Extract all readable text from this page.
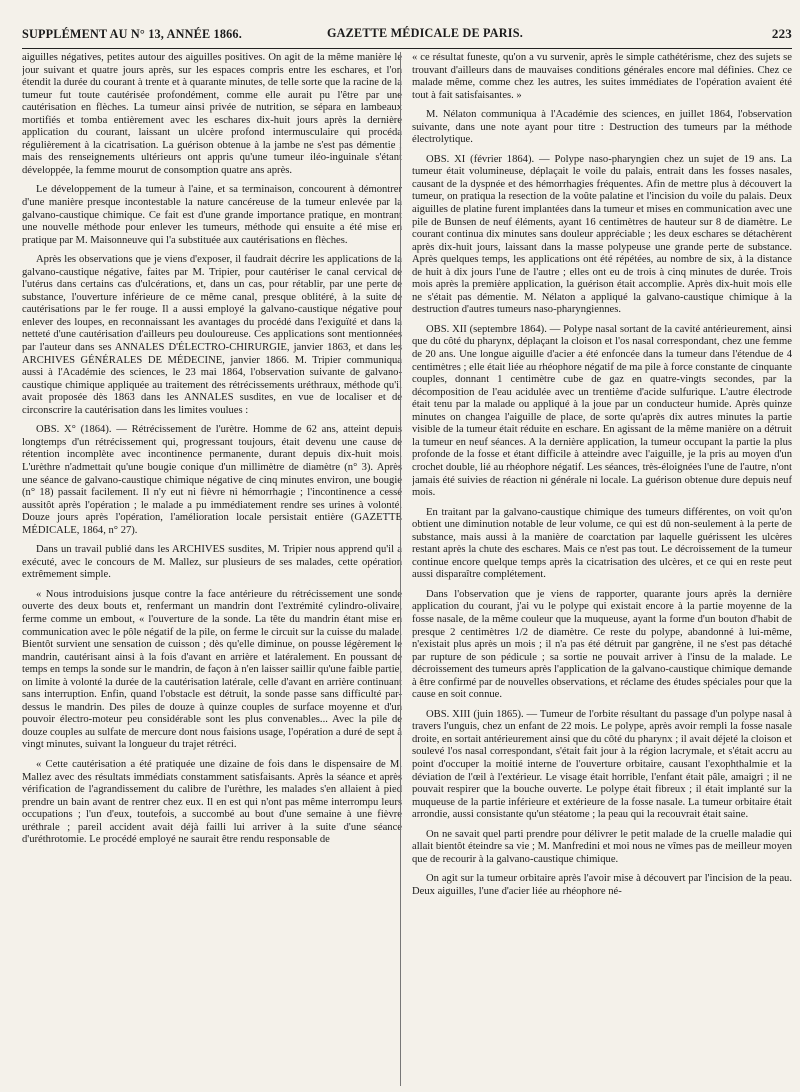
SUPPLÉMENT AU N° 13, ANNÉE 1866.	GAZETTE MÉDICALE DE PARIS.	223

aiguilles négatives, petites autour des aiguilles positives. On agit de la même manière le jour suivant et quatre jours après, sur les espaces compris entre les eschares, et l'on étendit la durée du courant à trente et à quarante minutes, de telle sorte que la racine de la tumeur fut toute cautérisée profondément, comme elle aurait pu l'être par une cautérisation en flèches. La tumeur ainsi privée de nutrition, se sépara en lambeaux mortifiés et tomba entièrement avec les eschares dix-huit jours après la dernière application du courant, laissant un ulcère profond intermusculaire qui procéda régulièrement à la cicatrisation. La guérison obtenue à la jambe ne s'est pas démentie ; mais des renseignements ultérieurs ont appris qu'une tumeur iléo-inguinale s'étant développée, la femme mourut de consomption quatre ans après.

Le développement de la tumeur à l'aine, et sa terminaison, concourent à démontrer d'une manière presque incontestable la nature cancéreuse de la tumeur enlevée par la galvano-caustique chimique. Ce fait est d'une grande importance pratique, en montrant une nouvelle méthode pour enlever les tumeurs, méthode qui ensuite a été mise en pratique par M. Maisonneuve qui l'a substituée aux cautérisations en flèches.

Après les observations que je viens d'exposer, il faudrait décrire les applications de la galvano-caustique négative, faites par M. Tripier, pour cautériser le canal cervical de l'utérus dans certains cas d'ulcérations, et, dans un cas, pour rétablir, par une perte de substance, l'ouverture inférieure de ce même canal, presque oblitéré, à la suite de cautérisations par le fer rouge. Il a aussi employé la galvano-caustique négative pour enlever des loupes, en reconnaissant les avantages du procédé dans l'exiguïté et dans la netteté d'une cautérisation d'ailleurs peu douloureuse. Ces applications sont mentionnées par l'auteur dans ses ANNALES D'ÉLECTRO-CHIRURGIE, janvier 1863, et dans les ARCHIVES GÉNÉRALES DE MÉDECINE, janvier 1866. M. Tripier communiqua aussi à l'Académie des sciences, le 23 mai 1864, l'observation suivante de galvano-caustique chimique appliquée au traitement des rétrécissements uréthraux, méthode qu'il avait proposée dès 1863 dans les ANNALES susdites, en vue de localiser et de circonscrire la cautérisation dans les limites voulues :

OBS. X° (1864). — Rétrécissement de l'urètre. Homme de 62 ans, atteint depuis longtemps d'un rétrécissement qui, progressant toujours, était devenu une cause de rétention incomplète avec incontinence permanente, durant depuis dix-huit mois. L'urèthre n'admettait qu'une bougie conique d'un millimètre de diamètre (n° 3). Après une séance de galvano-caustique chimique négative de cinq minutes environ, une bougie (n° 18) passait facilement. Il n'y eut ni fièvre ni hémorrhagie ; l'incontinence a cessé aussitôt après l'opération ; le malade a pu immédiatement rendre ses urines à volonté. Douze jours après l'opération, l'amélioration locale persistait entière (GAZETTE MÉDICALE, 1864, n° 27).

Dans un travail publié dans les ARCHIVES susdites, M. Tripier nous apprend qu'il a exécuté, avec le concours de M. Mallez, sur plusieurs de ses malades, cette opération extrêmement simple.

« Nous introduisions jusque contre la face antérieure du rétrécissement une sonde ouverte des deux bouts et, renfermant un mandrin dont l'extrémité cylindro-olivaire, ferme comme un embout, « l'ouverture de la sonde. La tête du mandrin étant mise en communication avec le pôle négatif de la pile, on ferme le circuit sur la cuisse du malade. Bientôt survient une sensation de cuisson ; dès qu'elle diminue, on pousse légèrement le mandrin, cautérisant ainsi à la fois d'avant en arrière et latéralement. En poussant de temps en temps la sonde sur le mandrin, de façon à n'en laisser saillir qu'une faible partie, on limite à volonté la durée de la cautérisation latérale, celle d'avant en arrière continuant sans interruption. Enfin, quand l'obstacle est détruit, la sonde passe sans difficulté par-dessus le mandrin. Des piles de douze à quinze couples de surface moyenne et d'un pouvoir électro-moteur peu considérable sont les plus convenables... Avec la pile de douze couples au sulfate de mercure dont nous faisions usage, l'opération a duré de sept à vingt minutes, suivant la longueur du trajet rétréci.

« Cette cautérisation a été pratiquée une dizaine de fois dans le dispensaire de M. Mallez avec des résultats immédiats constamment satisfaisants. Après la séance et après vérification de l'agrandissement du calibre de l'urèthre, les malades s'en allaient à pied prendre un bain avant de rentrer chez eux. Il en est qui n'ont pas même interrompu leurs occupations ; l'un d'eux, toutefois, a succombé au bout d'une semaine à une fièvre uréthrale ; pareil accident avait déjà failli lui arriver à la suite d'une séance d'uréthrotomie. Le procédé employé ne saurait être rendu responsable de

« ce résultat funeste, qu'on a vu survenir, après le simple cathétérisme, chez des sujets se trouvant d'ailleurs dans de mauvaises conditions générales encore mal définies. Chez ce malade même, comme chez les autres, les suites immédiates de l'opération avaient été tout à fait satisfaisantes. »

M. Nélaton communiqua à l'Académie des sciences, en juillet 1864, l'observation suivante, dans une note ayant pour titre : Destruction des tumeurs par la méthode électrolytique.

OBS. XI (février 1864). — Polype naso-pharyngien chez un sujet de 19 ans. La tumeur était volumineuse, déplaçait le voile du palais, entrait dans les fosses nasales, causant de la dyspnée et des hémorrhagies fréquentes. Afin de mettre plus à découvert la tumeur, on pratiqua la resection de la voûte palatine et l'incision du voile du palais. Deux aiguilles de platine furent implantées dans la tumeur et mises en communication avec une pile de Bunsen de neuf éléments, ayant 16 centimètres de hauteur sur 8 de diamètre. Le courant continua dix minutes sans douleur appréciable ; les deux eschares se détachèrent après dix-huit jours, laissant dans la masse polypeuse une grande perte de substance. Après quelques temps, les applications ont été répétées, au nombre de six, à la distance de huit à dix jours l'une de l'autre ; elles ont eu de trois à cinq minutes de durée. Trois mois après la première application, la guérison était accomplie. Après dix-huit mois elle ne s'était pas démentie. M. Nélaton a appliqué la galvano-caustique chimique à la destruction d'autres tumeurs naso-pharyngiennes.

OBS. XII (septembre 1864). — Polype nasal sortant de la cavité antérieurement, ainsi que du côté du pharynx, déplaçant la cloison et l'os nasal correspondant, chez une femme de 20 ans. Une longue aiguille d'acier a été enfoncée dans la tumeur dans l'étendue de 4 centimètres ; elle était liée au rhéophore négatif de ma pile à force constante de cinquante couples, donnant 1 centimètre cube de gaz en quatre-vingts secondes, par la décomposition de l'eau acidulée avec un trentième d'acide sulfurique. L'autre électrode était tenu par la malade ou appliqué à la joue par un conducteur humide. Après quinze minutes on changea l'aiguille de place, de sorte qu'après dix autres minutes la partie visible de la tumeur était réduite en eschare. En agissant de la même manière on a détruit la tumeur en neuf séances. A la dernière application, la tumeur occupant la partie la plus profonde de la fosse et étant difficile à atteindre avec l'aiguille, je la pris au moyen d'un crochet double, lié au rhéophore négatif. Les séances, très-éloignées l'une de l'autre, n'ont jamais été suivies de réaction ni générale ni locale. La guérison obtenue dure depuis neuf mois.

En traitant par la galvano-caustique chimique des tumeurs différentes, on voit qu'on obtient une diminution notable de leur volume, ce qui est dû non-seulement à la perte de substance, mais aussi à la manière de coarctation par laquelle guérissent les ulcères restant après la chute des eschares. Mais ce n'est pas tout. Le décroissement de la tumeur continue encore quelque temps après la cicatrisation des ulcères, et ce qui en reste peut aussi disparaître complétement.

Dans l'observation que je viens de rapporter, quarante jours après la dernière application du courant, j'ai vu le polype qui existait encore à la partie moyenne de la fosse nasale, de la même couleur que la muqueuse, ayant la forme d'un bouton d'habit de presque 2 centimètres 1/2 de diamètre. Ce reste du polype, abandonné à lui-même, n'existait plus après un mois ; il n'a pas été détruit par gangrène, il ne s'est pas détaché par rupture de son pédicule ; sa sortie ne pouvait arriver à l'insu de la malade. Le décroissement des tumeurs après l'application de la galvano-caustique chimique demande à être confirmé par de nouvelles observations, et réclame des études spéciales pour que la cause en soit connue.

OBS. XIII (juin 1865). — Tumeur de l'orbite résultant du passage d'un polype nasal à travers l'unguis, chez un enfant de 22 mois. Le polype, après avoir rempli la fosse nasale droite, en sortait antérieurement ainsi que du côté du pharynx ; il avait déjeté la cloison et soulevé l'os nasal correspondant, s'était fait jour à la région lacrymale, et s'était accru au point d'occuper la moitié interne de l'ouverture orbitaire, causant l'exophthalmie et la déviation de l'œil à l'extérieur. Le visage était horrible, l'enfant était pâle, amaigri ; il ne pouvait respirer que la bouche ouverte. Le polype était fibreux ; il était implanté sur la muqueuse de la partie inférieure et extérieure de la fosse nasale. La tumeur orbitaire était arrondie, aussi consistante qu'un stéatome ; la peau qui la recouvrait était saine.

On ne savait quel parti prendre pour délivrer le petit malade de la cruelle maladie qui allait bientôt éteindre sa vie ; M. Manfredini et moi nous ne vîmes pas de meilleur moyen que de recourir à la galvano-caustique chimique.

On agit sur la tumeur orbitaire après l'avoir mise à découvert par l'incision de la peau. Deux aiguilles, l'une d'acier liée au rhéophore né-
